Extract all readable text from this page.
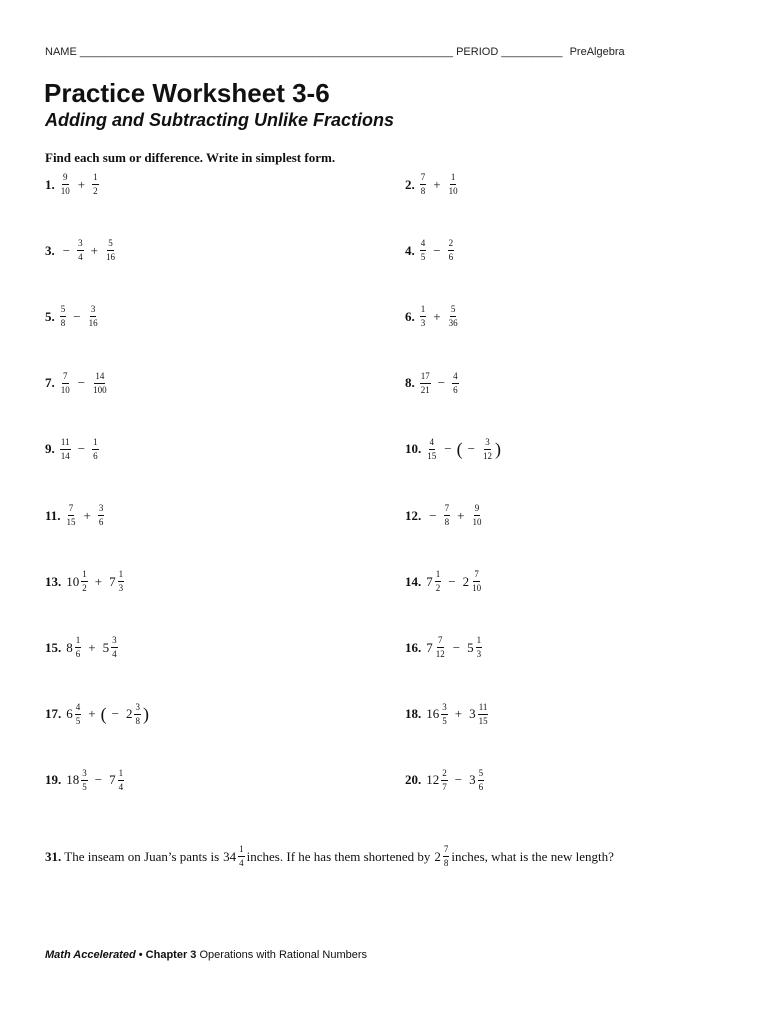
NAME _____________________________________________________________ PERIOD __________ PreAlgebra
Practice Worksheet 3-6
Adding and Subtracting Unlike Fractions
Find each sum or difference. Write in simplest form.
1. $\frac{9}{10} + \frac{1}{2}$	2. $\frac{7}{8} + \frac{1}{10}$
3. − $\frac{3}{4} + \frac{5}{16}$	4. $\frac{4}{5} - \frac{2}{6}$
5. $\frac{5}{8} - \frac{3}{16}$	6. $\frac{1}{3} + \frac{5}{36}$
7. $\frac{7}{10} - \frac{14}{100}$	8. $\frac{17}{21} - \frac{4}{6}$
9. $\frac{11}{14} - \frac{1}{6}$	10. $\frac{4}{15}$ − ( − $\frac{3}{12}$ )
11. $\frac{7}{15} + \frac{3}{6}$	12. − $\frac{7}{8} + \frac{9}{10}$
13. $10 \frac{1}{2} + 7 \frac{1}{3}$	14. $7 \frac{1}{2} - 2 \frac{7}{10}$
15. $8 \frac{1}{6} + 5 \frac{3}{4}$	16. $7 \frac{7}{12} - 5 \frac{1}{3}$
17. $6 \frac{4}{5}$ + ( − $2 \frac{3}{8}$ )	18. $16 \frac{3}{5} + 3 \frac{11}{15}$
19. $18 \frac{3}{5} - 7 \frac{1}{4}$	20. $12 \frac{2}{7} - 3 \frac{5}{6}$
31. The inseam on Juan’s pants is $34 \frac{1}{4}$ inches. If he has them shortened by $2 \frac{7}{8}$ inches, what is the new length?
Math Accelerated • Chapter 3 Operations with Rational Numbers
